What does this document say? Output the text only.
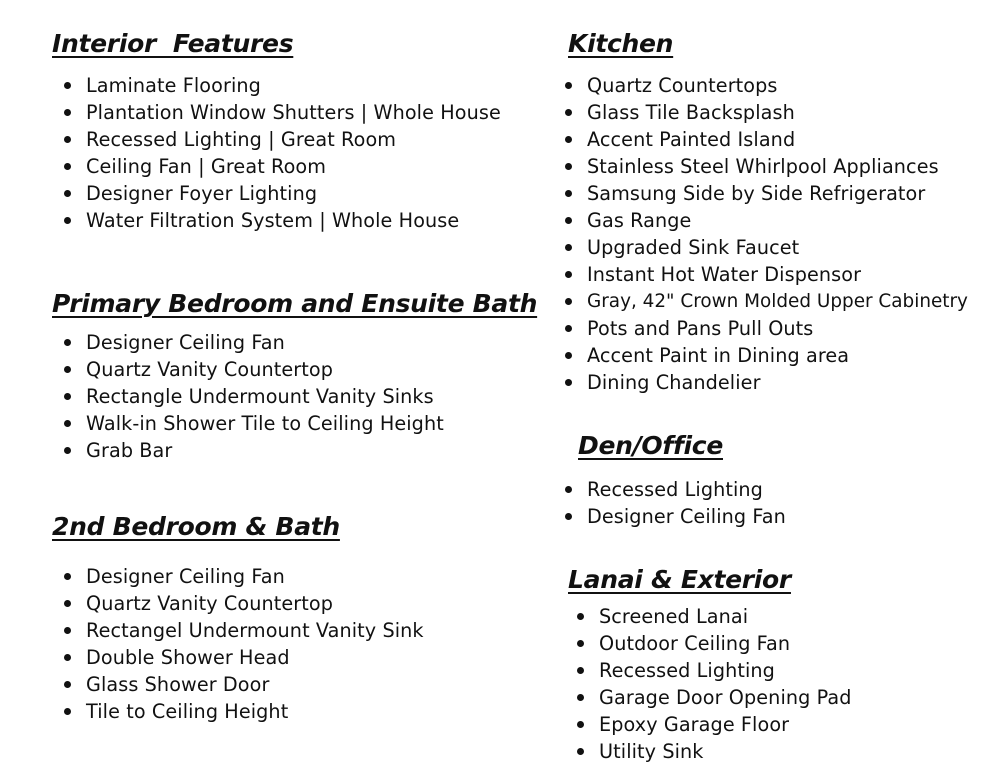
Interior  Features
Laminate Flooring
Plantation Window Shutters | Whole House
Recessed Lighting | Great Room
Ceiling Fan | Great Room
Designer Foyer Lighting
Water Filtration System | Whole House
Primary Bedroom and Ensuite Bath
Designer Ceiling Fan
Quartz Vanity Countertop
Rectangle Undermount Vanity Sinks
Walk-in Shower Tile to Ceiling Height
Grab Bar
2nd Bedroom & Bath
Designer Ceiling Fan
Quartz Vanity Countertop
Rectangel Undermount Vanity Sink
Double Shower Head
Glass Shower Door
Tile to Ceiling Height
Kitchen
Quartz Countertops
Glass Tile Backsplash
Accent Painted Island
Stainless Steel Whirlpool Appliances
Samsung Side by Side Refrigerator
Gas Range
Upgraded Sink Faucet
Instant Hot Water Dispensor
Gray, 42" Crown Molded Upper Cabinetry
Pots and Pans Pull Outs
Accent Paint in Dining area
Dining Chandelier
Den/Office
Recessed Lighting
Designer Ceiling Fan
Lanai & Exterior
Screened Lanai
Outdoor Ceiling Fan
Recessed Lighting
Garage Door Opening Pad
Epoxy Garage Floor
Utility Sink
